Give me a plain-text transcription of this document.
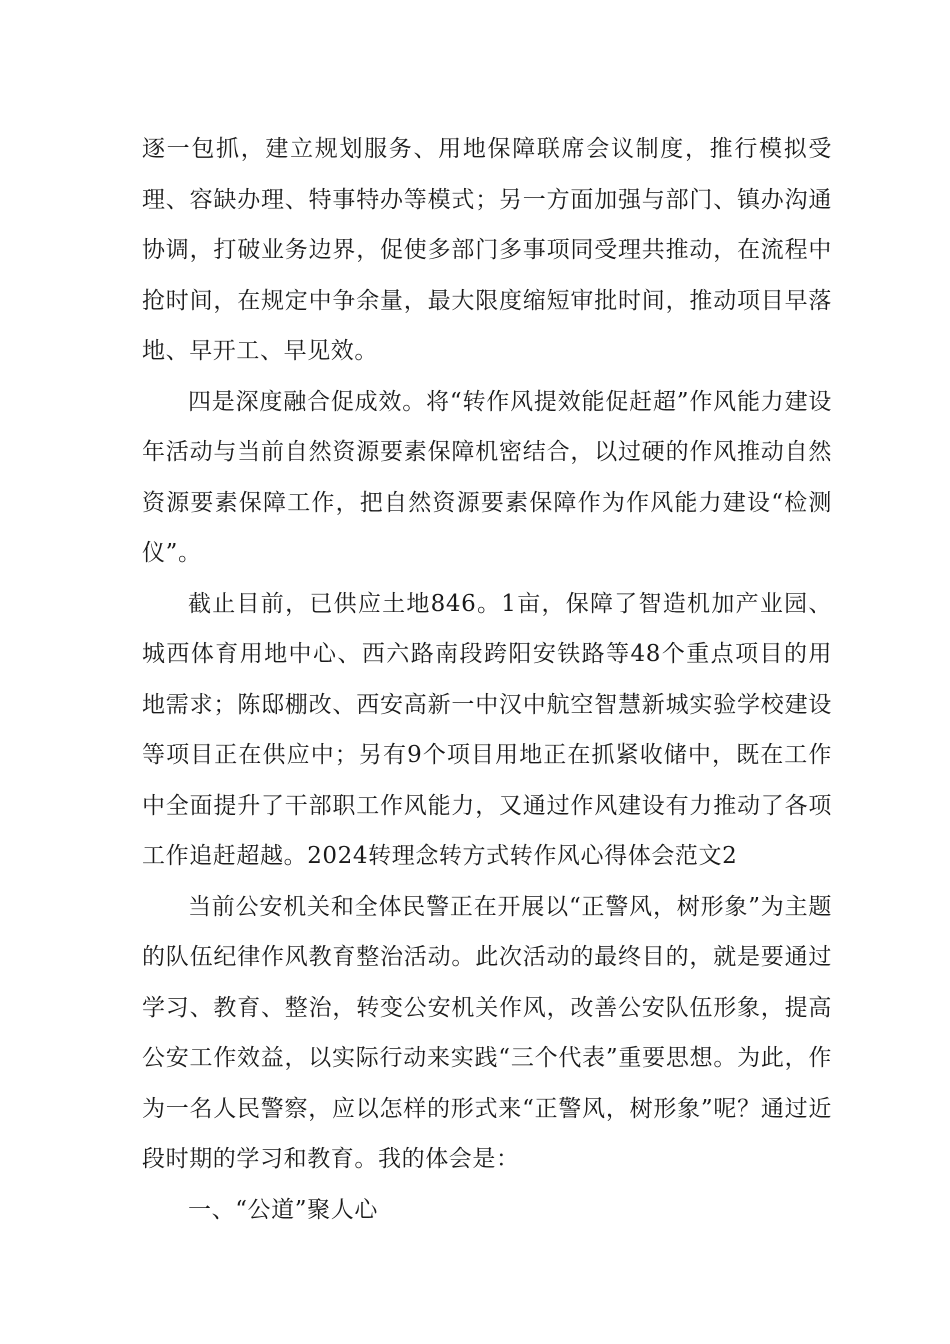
逐一包抓，建立规划服务、用地保障联席会议制度，推行模拟受理、容缺办理、特事特办等模式；另一方面加强与部门、镇办沟通协调，打破业务边界，促使多部门多事项同受理共推动，在流程中抢时间，在规定中争余量，最大限度缩短审批时间，推动项目早落地、早开工、早见效。

四是深度融合促成效。将“转作风提效能促赶超”作风能力建设年活动与当前自然资源要素保障机密结合，以过硬的作风推动自然资源要素保障工作，把自然资源要素保障作为作风能力建设“检测仪”。

截止目前，已供应土地846。1亩，保障了智造机加产业园、城西体育用地中心、西六路南段跨阳安铁路等48个重点项目的用地需求；陈邸棚改、西安高新一中汉中航空智慧新城实验学校建设等项目正在供应中；另有9个项目用地正在抓紧收储中，既在工作中全面提升了干部职工作风能力，又通过作风建设有力推动了各项工作追赶超越。2024转理念转方式转作风心得体会范文2

当前公安机关和全体民警正在开展以“正警风，树形象”为主题的队伍纪律作风教育整治活动。此次活动的最终目的，就是要通过学习、教育、整治，转变公安机关作风，改善公安队伍形象，提高公安工作效益，以实际行动来实践“三个代表”重要思想。为此，作为一名人民警察，应以怎样的形式来“正警风，树形象”呢？通过近段时期的学习和教育。我的体会是：

一、“公道”聚人心
